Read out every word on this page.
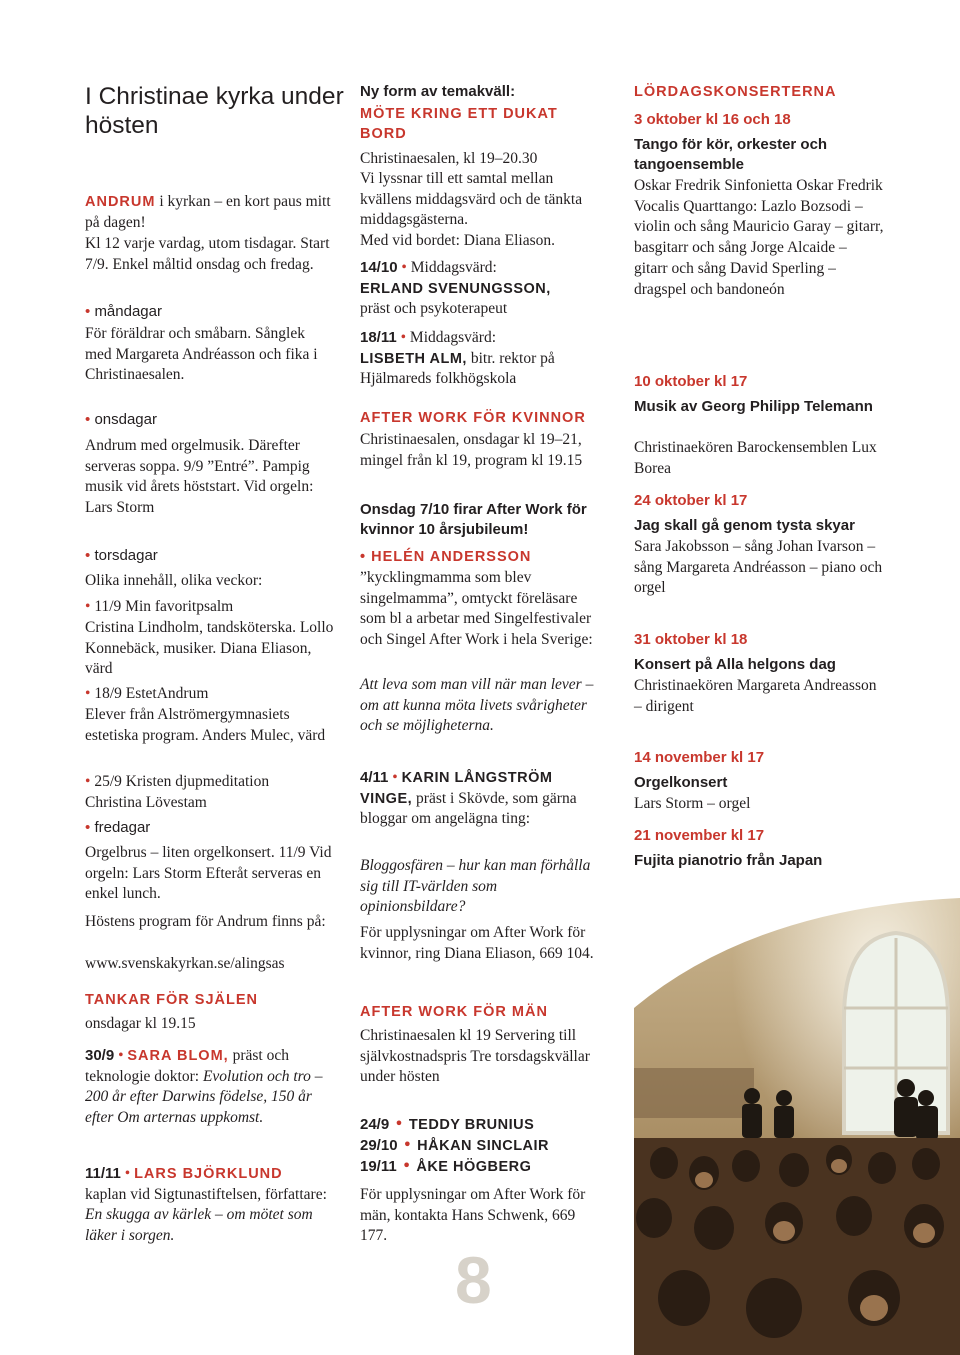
I Christinae kyrka under hösten

ANDRUM i kyrkan – en kort paus mitt på dagen!

Kl 12 varje vardag, utom tisdagar. Start 7/9. Enkel måltid onsdag och fredag.

• måndagar

För föräldrar och småbarn. Sånglek med Margareta Andréasson och fika i Christinaesalen.

• onsdagar

Andrum med orgelmusik. Därefter serveras soppa. 9/9 ”Entré”. Pampig musik vid årets höststart. Vid orgeln: Lars Storm

• torsdagar

Olika innehåll, olika veckor:

• 11/9 Min favoritpsalm

Cristina Lindholm, tandsköterska. Lollo Konnebäck, musiker. Diana Eliason, värd

• 18/9 EstetAndrum

Elever från Alströmergymnasiets estetiska program. Anders Mulec, värd

• 25/9 Kristen djupmeditation

Christina Lövestam

• fredagar

Orgelbrus – liten orgelkonsert. 11/9 Vid orgeln: Lars Storm Efteråt serveras en enkel lunch.

Höstens program för Andrum finns på:

www.svenskakyrkan.se/alingsas

TANKAR FÖR SJÄLEN

onsdagar kl 19.15

30/9 • SARA BLOM, präst och teknologie doktor: Evolution och tro – 200 år efter Darwins födelse, 150 år efter Om arternas uppkomst.

11/11 • LARS BJÖRKLUND
kaplan vid Sigtunastiftelsen, författare: En skugga av kärlek – om mötet som läker i sorgen.

Ny form av temakväll:

MÖTE KRING ETT DUKAT BORD

Christinaesalen, kl 19–20.30

Vi lyssnar till ett samtal mellan kvällens middagsvärd och de tänkta middagsgästerna.

Med vid bordet: Diana Eliason.

14/10 • Middagsvärd:
ERLAND SVENUNGSSON,
präst och psykoterapeut

18/11 • Middagsvärd:
LISBETH ALM, bitr. rektor på Hjälmareds folkhögskola

AFTER WORK FÖR KVINNOR

Christinaesalen, onsdagar kl 19–21, mingel från kl 19, program kl 19.15

Onsdag 7/10 firar After Work för kvinnor 10 årsjubileum!

• HELÉN ANDERSSON

”kycklingmamma som blev singelmamma”, omtyckt föreläsare som bl a arbetar med Singelfestivaler och Singel After Work i hela Sverige:

Att leva som man vill när man lever – om att kunna möta livets svårigheter och se möjligheterna.

4/11 • KARIN LÅNGSTRÖM VINGE, präst i Skövde, som gärna bloggar om angelägna ting:

Bloggosfären – hur kan man förhålla sig till IT-världen som opinionsbildare?

För upplysningar om After Work för kvinnor, ring Diana Eliason, 669 104.

AFTER WORK FÖR MÄN

Christinaesalen kl 19 Servering till självkostnadspris Tre torsdagskvällar under hösten

24/9 • TEDDY BRUNIUS

29/10 • HÅKAN SINCLAIR

19/11 • ÅKE HÖGBERG

För upplysningar om After Work för män, kontakta Hans Schwenk, 669 177.

LÖRDAGSKONSERTERNA

3 oktober kl 16 och 18

Tango för kör, orkester och tangoensemble

Oskar Fredrik Sinfonietta Oskar Fredrik Vocalis Quarttango: Lazlo Bozsodi – violin och sång Mauricio Garay – gitarr, basgitarr och sång Jorge Alcaide – gitarr och sång David Sperling – dragspel och bandoneón

10 oktober kl 17

Musik av Georg Philipp Telemann

Christinaekören Barockensemblen Lux Borea

24 oktober kl 17

Jag skall gå genom tysta skyar

Sara Jakobsson – sång Johan Ivarson – sång Margareta Andréasson – piano och orgel

31 oktober kl 18

Konsert på Alla helgons dag

Christinaekören Margareta Andreasson – dirigent

14 november kl 17

Orgelkonsert

Lars Storm – orgel

21 november kl 17

Fujita pianotrio från Japan

8
